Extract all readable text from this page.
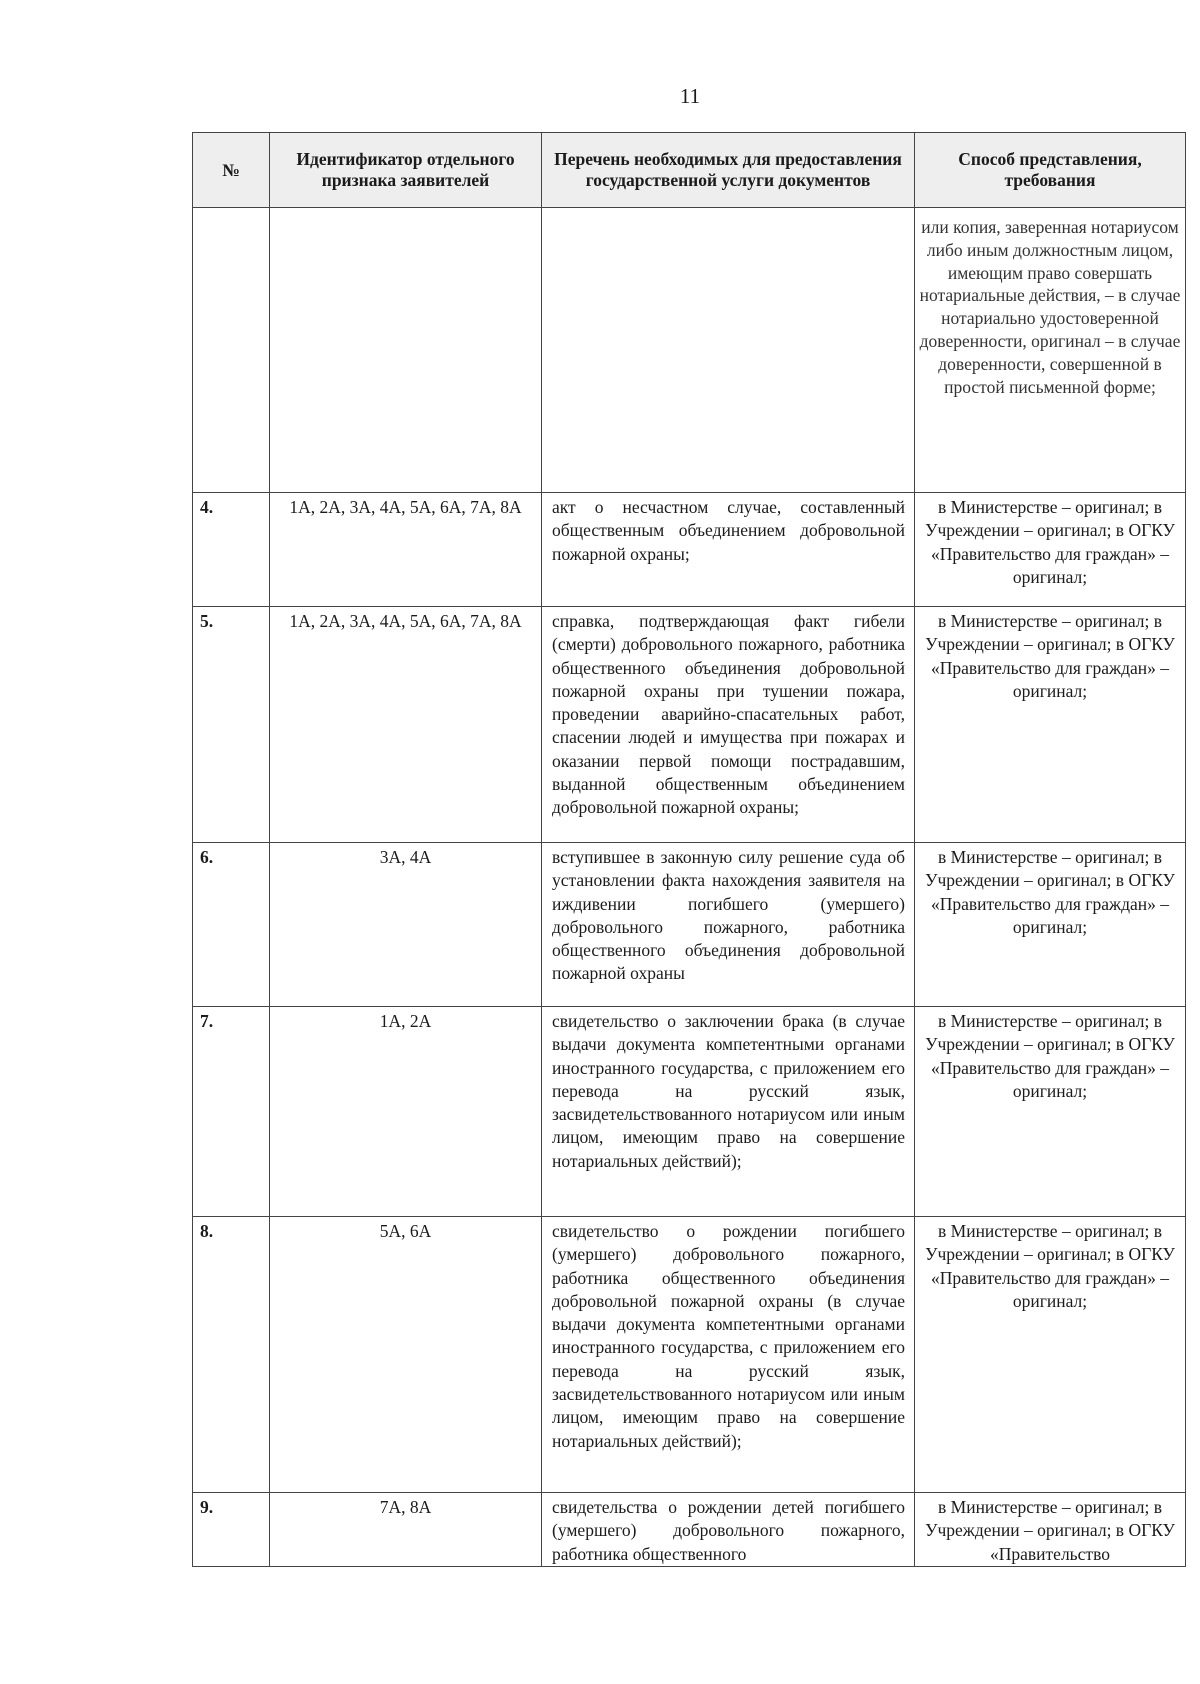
11
№	Идентификатор отдельного признака заявителей	Перечень необходимых для предоставления государственной услуги документов	Способ представления, требования
			или копия, заверенная нотариусом либо иным должностным лицом, имеющим право совершать нотариальные действия, – в случае нотариально удостоверенной доверенности, оригинал – в случае доверенности, совершенной в простой письменной форме;
4.	1А, 2А, 3А, 4А, 5А, 6А, 7А, 8А	акт о несчастном случае, составленный общественным объединением добровольной пожарной охраны;	в Министерстве – оригинал; в Учреждении – оригинал; в ОГКУ «Правительство для граждан» – оригинал;
5.	1А, 2А, 3А, 4А, 5А, 6А, 7А, 8А	справка, подтверждающая факт гибели (смерти) добровольного пожарного, работника общественного объединения добровольной пожарной охраны при тушении пожара, проведении аварийно-спасательных работ, спасении людей и имущества при пожарах и оказании первой помощи пострадавшим, выданной общественным объединением добровольной пожарной охраны;	в Министерстве – оригинал; в Учреждении – оригинал; в ОГКУ «Правительство для граждан» – оригинал;
6.	3А, 4А	вступившее в законную силу решение суда об установлении факта нахождения заявителя на иждивении погибшего (умершего) добровольного пожарного, работника общественного объединения добровольной пожарной охраны	в Министерстве – оригинал; в Учреждении – оригинал; в ОГКУ «Правительство для граждан» – оригинал;
7.	1А, 2А	свидетельство о заключении брака (в случае выдачи документа компетентными органами иностранного государства, с приложением его перевода на русский язык, засвидетельствованного нотариусом или иным лицом, имеющим право на совершение нотариальных действий);	в Министерстве – оригинал; в Учреждении – оригинал; в ОГКУ «Правительство для граждан» – оригинал;
8.	5А, 6А	свидетельство о рождении погибшего (умершего) добровольного пожарного, работника общественного объединения добровольной пожарной охраны (в случае выдачи документа компетентными органами иностранного государства, с приложением его перевода на русский язык, засвидетельствованного нотариусом или иным лицом, имеющим право на совершение нотариальных действий);	в Министерстве – оригинал; в Учреждении – оригинал; в ОГКУ «Правительство для граждан» – оригинал;
9.	7А, 8А	свидетельства о рождении детей погибшего (умершего) добровольного пожарного, работника общественного	в Министерстве – оригинал; в Учреждении – оригинал; в ОГКУ «Правительство
